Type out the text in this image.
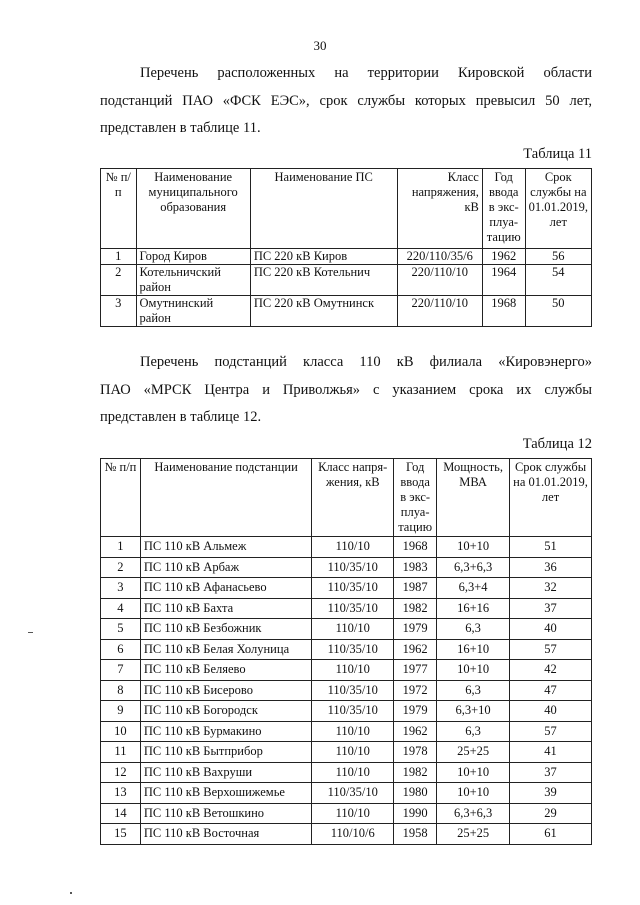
30
Перечень расположенных на территории Кировской области
подстанций ПАО «ФСК ЕЭС», срок службы которых превысил 50 лет,
представлен в таблице 11.
Таблица 11
№ п/п	Наименование муниципального образования	Наименование ПС	Класс напряжения, кВ	Год ввода в экс-плуа-тацию	Срок службы на 01.01.2019, лет
1	Город Киров	ПС 220 кВ Киров	220/110/35/6	1962	56
2	Котельничский район	ПС 220 кВ Котельнич	220/110/10	1964	54
3	Омутнинский район	ПС 220 кВ Омутнинск	220/110/10	1968	50
Перечень подстанций класса 110 кВ филиала «Кировэнерго»
ПАО «МРСК Центра и Приволжья» с указанием срока их службы
представлен в таблице 12.
Таблица 12
№ п/п	Наименование подстанции	Класс напря-жения, кВ	Год ввода в экс-плуа-тацию	Мощность, МВА	Срок службы на 01.01.2019, лет
1	ПС 110 кВ Альмеж	110/10	1968	10+10	51
2	ПС 110 кВ Арбаж	110/35/10	1983	6,3+6,3	36
3	ПС 110 кВ Афанасьево	110/35/10	1987	6,3+4	32
4	ПС 110 кВ Бахта	110/35/10	1982	16+16	37
5	ПС 110 кВ Безбожник	110/10	1979	6,3	40
6	ПС 110 кВ Белая Холуница	110/35/10	1962	16+10	57
7	ПС 110 кВ Беляево	110/10	1977	10+10	42
8	ПС 110 кВ Бисерово	110/35/10	1972	6,3	47
9	ПС 110 кВ Богородск	110/35/10	1979	6,3+10	40
10	ПС 110 кВ Бурмакино	110/10	1962	6,3	57
11	ПС 110 кВ Бытприбор	110/10	1978	25+25	41
12	ПС 110 кВ Вахруши	110/10	1982	10+10	37
13	ПС 110 кВ Верхошижемье	110/35/10	1980	10+10	39
14	ПС 110 кВ Ветошкино	110/10	1990	6,3+6,3	29
15	ПС 110 кВ Восточная	110/10/6	1958	25+25	61
